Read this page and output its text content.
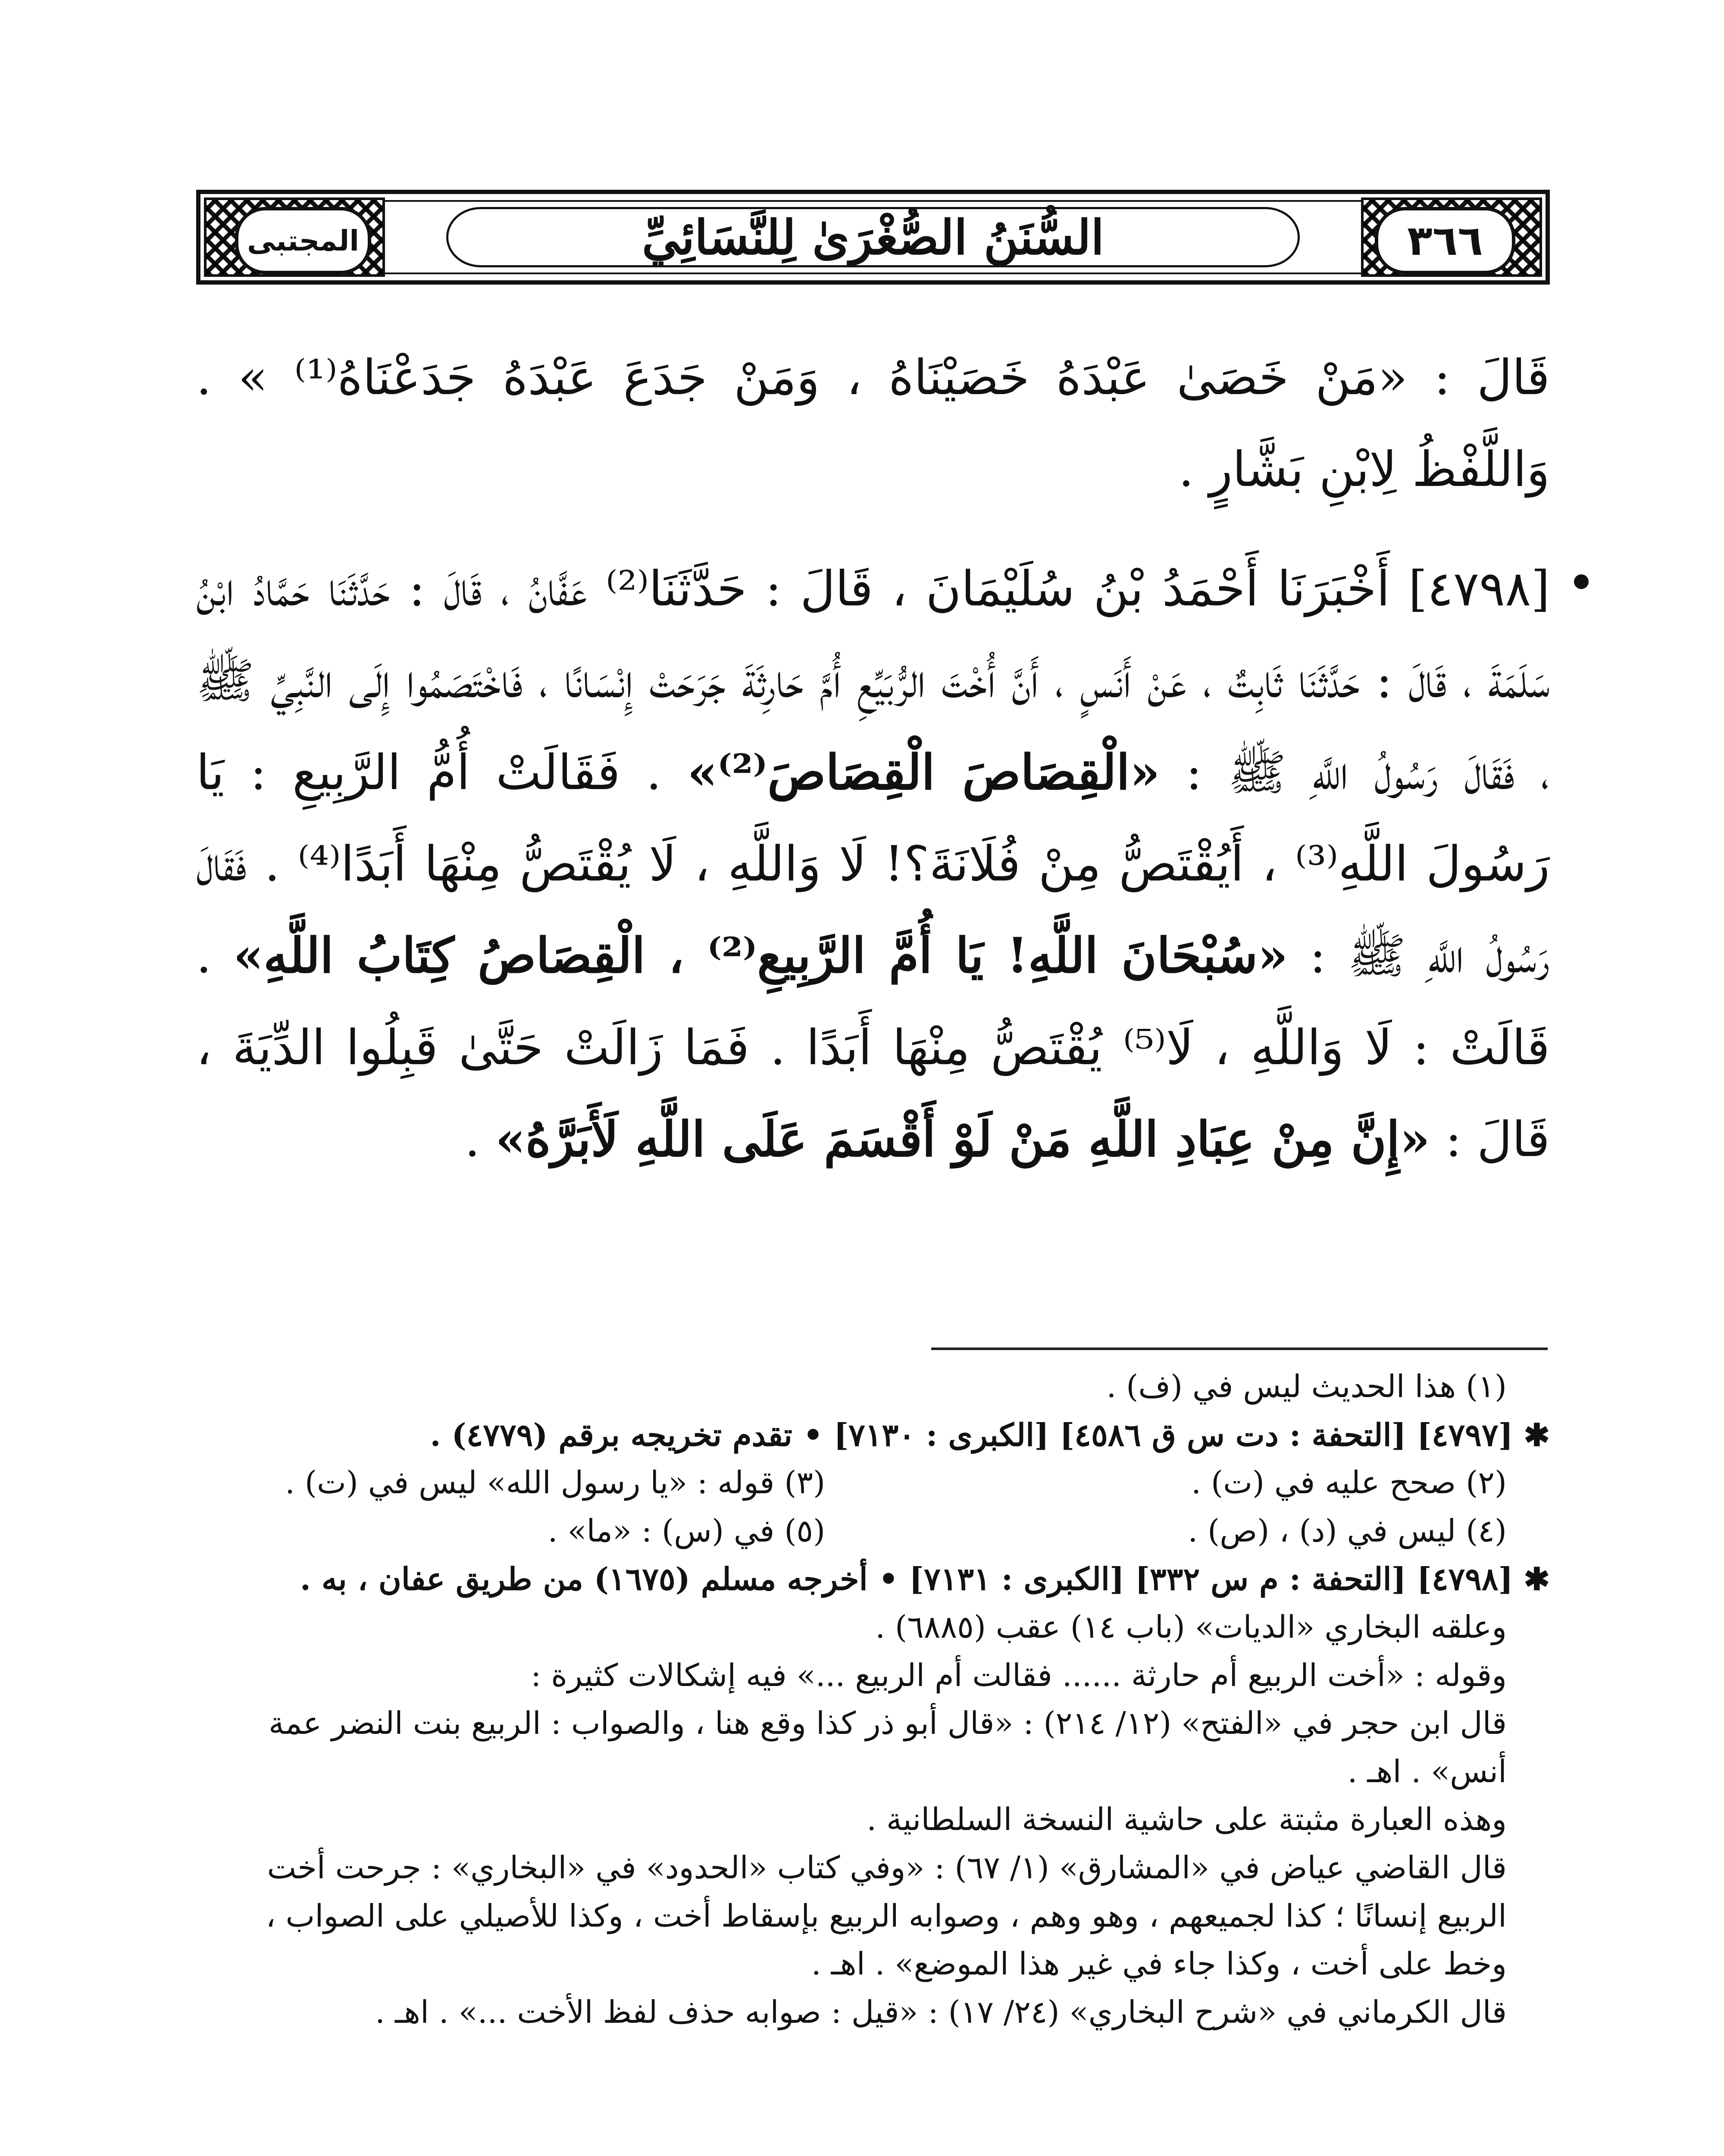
المجتبى	السُّنَنُ الصُّغْرَىٰ لِلنَّسَائِيِّ	٣٦٦
قَالَ : «مَنْ خَصَىٰ عَبْدَهُ خَصَيْنَاهُ ، وَمَنْ جَدَعَ عَبْدَهُ جَدَعْنَاهُ⁽¹⁾ » . وَاللَّفْظُ لِابْنِ بَشَّارٍ .
[٤٧٩٨] أَخْبَرَنَا أَحْمَدُ بْنُ سُلَيْمَانَ ، قَالَ : حَدَّثَنَا⁽²⁾ عَفَّانُ ، قَالَ : حَدَّثَنَا حَمَّادُ ابْنُ سَلَمَةَ ، قَالَ : حَدَّثَنَا ثَابِتٌ ، عَنْ أَنَسٍ ، أَنَّ أُخْتَ الرُّبَيِّعِ أُمَّ حَارِثَةَ جَرَحَتْ إِنْسَانًا ، فَاخْتَصَمُوا إِلَى النَّبِيِّ ﷺ ، فَقَالَ رَسُولُ اللَّهِ ﷺ : «الْقِصَاصَ الْقِصَاصَ⁽²⁾» . فَقَالَتْ أُمُّ الرَّبِيعِ : يَا رَسُولَ اللَّهِ⁽³⁾ ، أَيُقْتَصُّ مِنْ فُلَانَةَ؟! لَا وَاللَّهِ ، لَا يُقْتَصُّ مِنْهَا أَبَدًا⁽⁴⁾ . فَقَالَ رَسُولُ اللَّهِ ﷺ : «سُبْحَانَ اللَّهِ! يَا أُمَّ الرَّبِيعِ⁽²⁾ ، الْقِصَاصُ كِتَابُ اللَّهِ» . قَالَتْ : لَا وَاللَّهِ ، لَا⁽⁵⁾ يُقْتَصُّ مِنْهَا أَبَدًا . فَمَا زَالَتْ حَتَّىٰ قَبِلُوا الدِّيَةَ ، قَالَ : «إِنَّ مِنْ عِبَادِ اللَّهِ مَنْ لَوْ أَقْسَمَ عَلَى اللَّهِ لَأَبَرَّهُ» .

(١) هذا الحديث ليس في (ف) .

✱ [٤٧٩٧] [التحفة : دت س ق ٤٥٨٦] [الكبرى : ٧١٣٠] • تقدم تخريجه برقم (٤٧٧٩) .

(٢) صحح عليه في (ت) .
(٣) قوله : «يا رسول الله» ليس في (ت) .
(٤) ليس في (د) ، (ص) .
(٥) في (س) : «ما» .

✱ [٤٧٩٨] [التحفة : م س ٣٣٢] [الكبرى : ٧١٣١] • أخرجه مسلم (١٦٧٥) من طريق عفان ، به .

وعلقه البخاري «الديات» (باب ١٤) عقب (٦٨٨٥) .

وقوله : «أخت الربيع أم حارثة ...... فقالت أم الربيع ...» فيه إشكالات كثيرة :

قال ابن حجر في «الفتح» (١٢/ ٢١٤) : «قال أبو ذر كذا وقع هنا ، والصواب : الربيع بنت النضر عمة أنس» . اهـ .

وهذه العبارة مثبتة على حاشية النسخة السلطانية .

قال القاضي عياض في «المشارق» (١/ ٦٧) : «وفي كتاب «الحدود» في «البخاري» : جرحت أخت الربيع إنسانًا ؛ كذا لجميعهم ، وهو وهم ، وصوابه الربيع بإسقاط أخت ، وكذا للأصيلي على الصواب ، وخط على أخت ، وكذا جاء في غير هذا الموضع» . اهـ .

قال الكرماني في «شرح البخاري» (٢٤/ ١٧) : «قيل : صوابه حذف لفظ الأخت ...» . اهـ .
